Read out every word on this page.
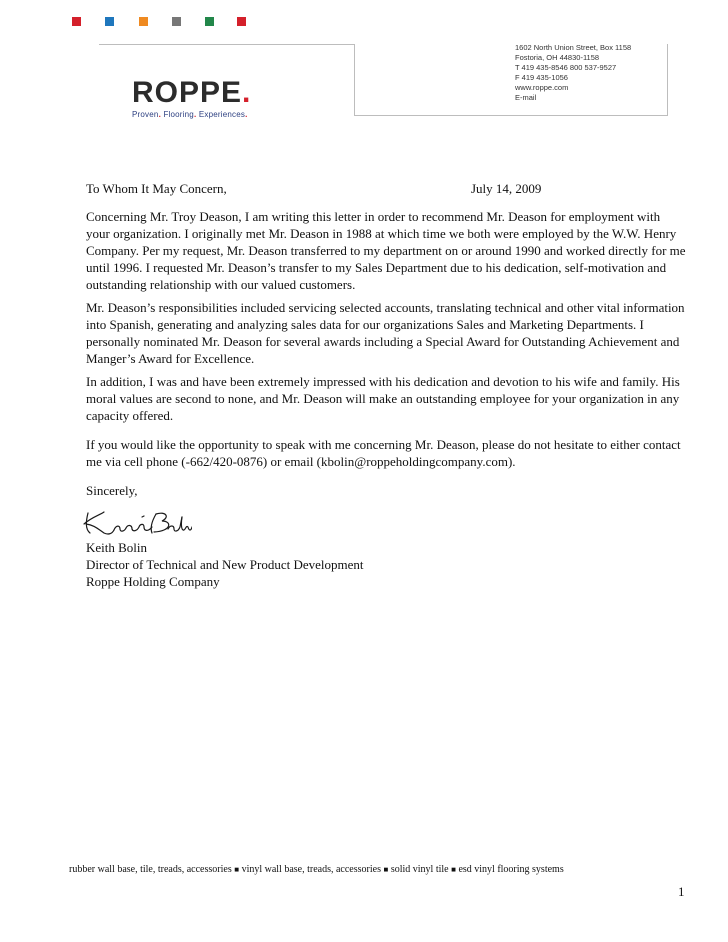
ROPPE.
Proven. Flooring. Experiences.
1602 North Union Street, Box 1158
Fostoria, OH 44830-1158
T 419 435-8546 800 537-9527
F 419 435-1056
www.roppe.com
E-mail
To Whom It May Concern,	July 14, 2009

Concerning Mr. Troy Deason, I am writing this letter in order to recommend Mr. Deason for employment with your organization. I originally met Mr. Deason in 1988 at which time we both were employed by the W.W. Henry Company. Per my request, Mr. Deason transferred to my department on or around 1990 and worked directly for me until 1996. I requested Mr. Deason’s transfer to my Sales Department due to his dedication, self-motivation and outstanding relationship with our valued customers.

Mr. Deason’s responsibilities included servicing selected accounts, translating technical and other vital information into Spanish, generating and analyzing sales data for our organizations Sales and Marketing Departments. I personally nominated Mr. Deason for several awards including a Special Award for Outstanding Achievement and Manger’s Award for Excellence.

In addition, I was and have been extremely impressed with his dedication and devotion to his wife and family. His moral values are second to none, and Mr. Deason will make an outstanding employee for your organization in any capacity offered.

If you would like the opportunity to speak with me concerning Mr. Deason, please do not hesitate to either contact me via cell phone (-662/420-0876) or email (kbolin@roppeholdingcompany.com).

Sincerely,

Keith Bolin
Director of Technical and New Product Development
Roppe Holding Company
rubber wall base, tile, treads, accessories ■ vinyl wall base, treads, accessories ■ solid vinyl tile ■ esd vinyl flooring systems
1
